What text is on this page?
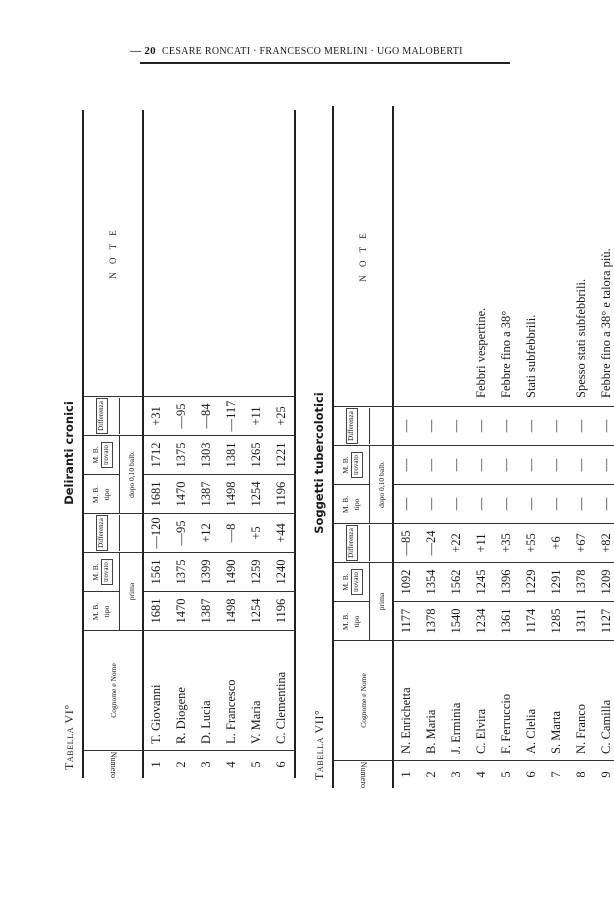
— 20 CESARE RONCATI · FRANCESCO MERLINI · UGO MALOBERTI
Tabella VI°
Deliranti cronici
Numero
Cognome e Nome
M. B. tipo
M. B. trovato
prima
Differenza
M. B. tipo
M. B. trovato	dopo 0,10 balb.
Differenza
N O T E
1
T. Giovanni
1681
1561
—120
1681
1712
+31
2
R. Diogene
1470
1375
—95
1470
1375
—95
3
D. Lucia
1387
1399
+12
1387
1303
—84
4
L. Francesco
1498
1490
—8
1498
1381
—117
5
V. Maria
1254
1259
+5
1254
1265
+11
6
C. Clementina
1196
1240
+44
1196
1221
+25
Tabella VII°
Soggetti tubercolotici
Numero
Cognome e Nome
M. B. tipo
M. B. trovato
prima
Differenza
M. B. tipo
M. B. trovato	dopo 0,10 balb.
Differenza
N O T E
1
N. Enrichetta
1177
1092
—85
—
—
—
2
B. Maria
1378
1354
—24
—
—
—
3
J. Erminia
1540
1562
+22
—
—
—
4
C. Elvira
1234
1245
+11
—
—
—
Febbri vespertine.
5
F. Ferruccio
1361
1396
+35
—
—
—
Febbre fino a 38°
6
A. Clelia
1174
1229
+55
—
—
—
Stati subfebbrili.
7
S. Marta
1285
1291
+6
—
—
—
8
N. Franco
1311
1378
+67
—
—
—
Spesso stati subfebbrili.
9
C. Camilla
1127
1209
+82
—
—
—
Febbre fino a 38° e talora più.
